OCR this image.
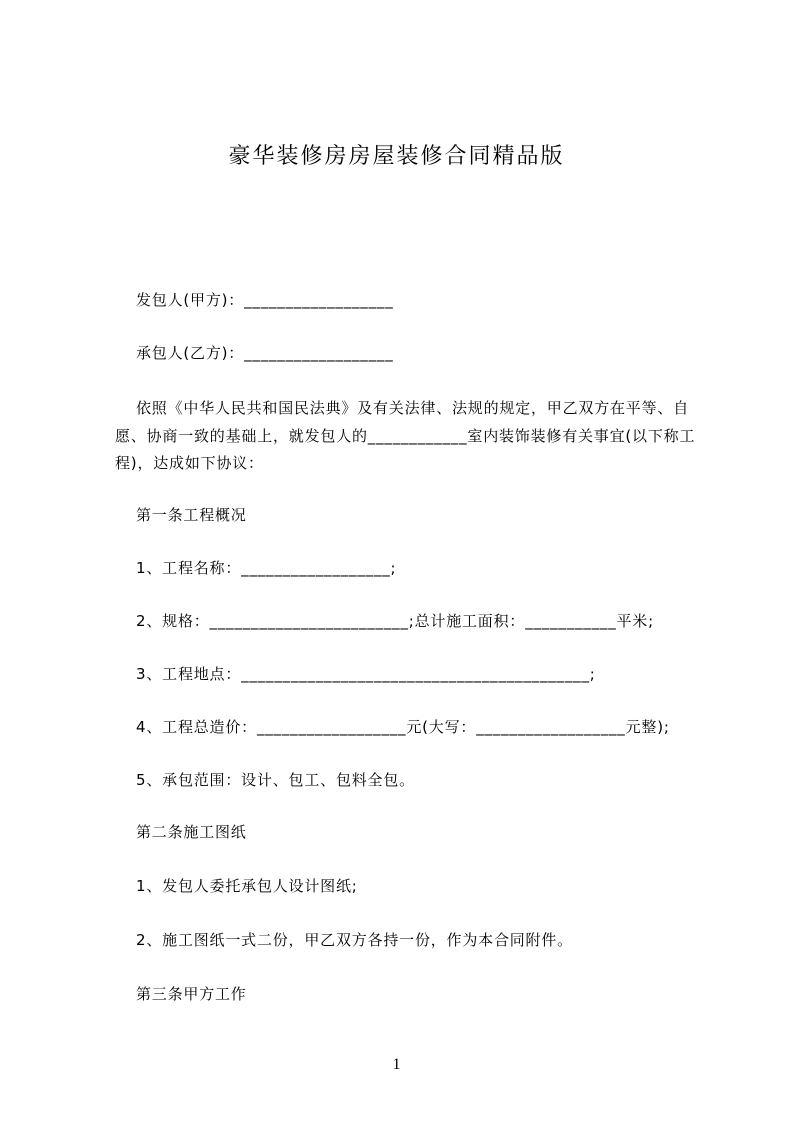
豪华装修房房屋装修合同精品版
发包人(甲方)：__________________
承包人(乙方)：__________________
依照《中华人民共和国民法典》及有关法律、法规的规定，甲乙双方在平等、自
愿、协商一致的基础上，就发包人的____________室内装饰装修有关事宜(以下称工
程)，达成如下协议：
第一条工程概况
1、工程名称：__________________;
2、规格：________________________;总计施工面积：___________平米;
3、工程地点：__________________________________________;
4、工程总造价：__________________元(大写：__________________元整);
5、承包范围：设计、包工、包料全包。
第二条施工图纸
1、发包人委托承包人设计图纸;
2、施工图纸一式二份，甲乙双方各持一份，作为本合同附件。
第三条甲方工作
1
